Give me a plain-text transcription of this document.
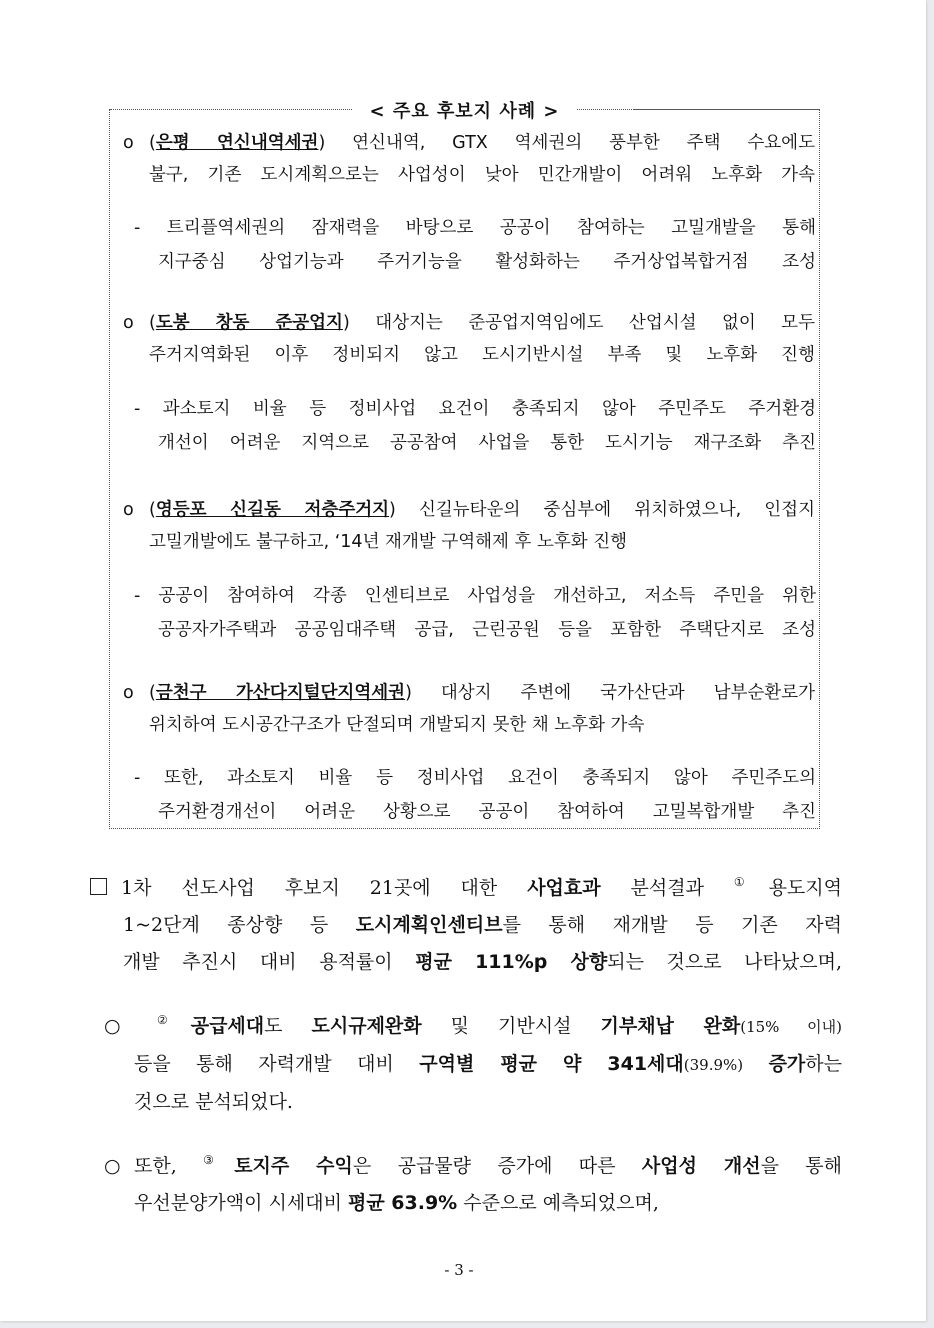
< 주요 후보지 사례 >
o (은평 연신내역세권) 연신내역, GTX 역세권의 풍부한 주택 수요에도
불구, 기존 도시계획으로는 사업성이 낮아 민간개발이 어려워 노후화 가속
- 트리플역세권의 잠재력을 바탕으로 공공이 참여하는 고밀개발을 통해
지구중심 상업기능과 주거기능을 활성화하는 주거상업복합거점 조성
o (도봉 창동 준공업지) 대상지는 준공업지역임에도 산업시설 없이 모두
주거지역화된 이후 정비되지 않고 도시기반시설 부족 및 노후화 진행
- 과소토지 비율 등 정비사업 요건이 충족되지 않아 주민주도 주거환경
개선이 어려운 지역으로 공공참여 사업을 통한 도시기능 재구조화 추진
o (영등포 신길동 저층주거지) 신길뉴타운의 중심부에 위치하였으나, 인접지
고밀개발에도 불구하고, ‘14년 재개발 구역해제 후 노후화 진행
- 공공이 참여하여 각종 인센티브로 사업성을 개선하고, 저소득 주민을 위한
공공자가주택과 공공임대주택 공급, 근린공원 등을 포함한 주택단지로 조성
o (금천구 가산다지털단지역세권) 대상지 주변에 국가산단과 남부순환로가
위치하여 도시공간구조가 단절되며 개발되지 못한 채 노후화 가속
- 또한, 과소토지 비율 등 정비사업 요건이 충족되지 않아 주민주도의
주거환경개선이 어려운 상황으로 공공이 참여하여 고밀복합개발 추진
1차 선도사업 후보지 21곳에 대한 사업효과 분석결과 ①용도지역
1~2단계 종상향 등 도시계획인센티브를 통해 재개발 등 기존 자력
개발 추진시 대비 용적률이 평균 111%p 상향되는 것으로 나타났으며,
○ ②공급세대도 도시규제완화 및 기반시설 기부채납 완화(15% 이내)
등을 통해 자력개발 대비 구역별 평균 약 341세대(39.9%) 증가하는
것으로 분석되었다.
○ 또한, ③토지주 수익은 공급물량 증가에 따른 사업성 개선을 통해
우선분양가액이 시세대비 평균 63.9% 수준으로 예측되었으며,
- 3 -
